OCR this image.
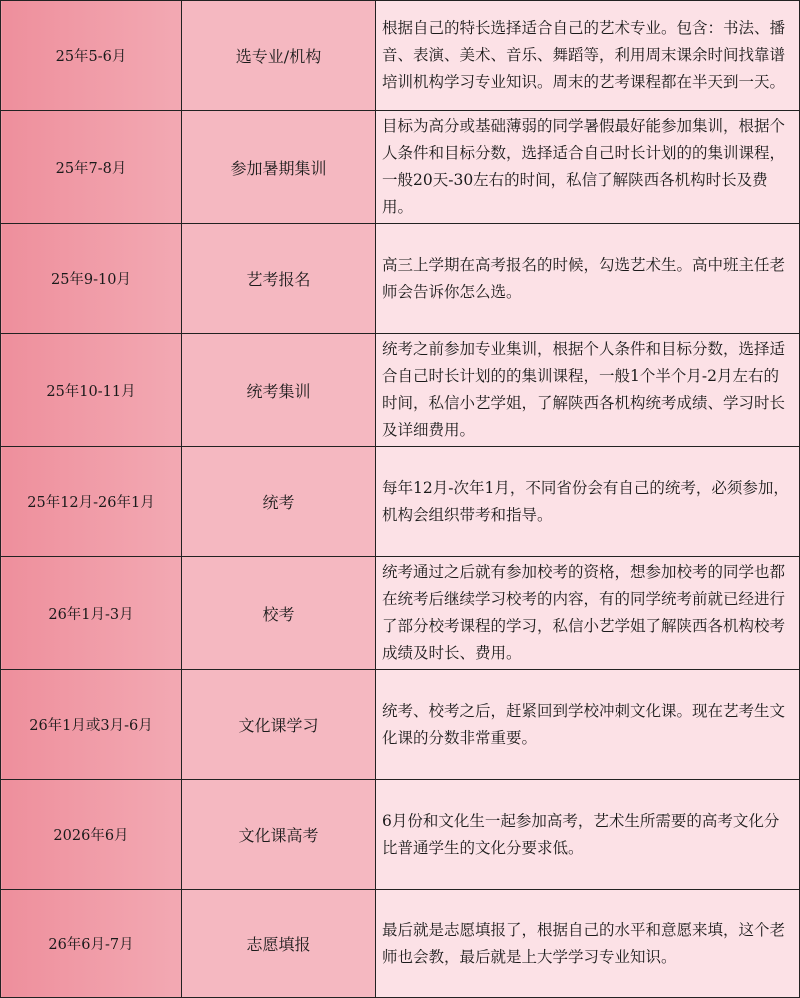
25年5-6月	选专业/机构	根据自己的特长选择适合自己的艺术专业。包含：书法、播音、表演、美术、音乐、舞蹈等，利用周末课余时间找靠谱培训机构学习专业知识。周末的艺考课程都在半天到一天。
25年7-8月	参加暑期集训	目标为高分或基础薄弱的同学暑假最好能参加集训，根据个人条件和目标分数，选择适合自己时长计划的的集训课程，一般20天-30左右的时间，私信了解陕西各机构时长及费用。
25年9-10月	艺考报名	高三上学期在高考报名的时候，勾选艺术生。高中班主任老师会告诉你怎么选。
25年10-11月	统考集训	统考之前参加专业集训，根据个人条件和目标分数，选择适合自己时长计划的的集训课程，一般1个半个月-2月左右的时间，私信小艺学姐，了解陕西各机构统考成绩、学习时长及详细费用。
25年12月-26年1月	统考	每年12月-次年1月，不同省份会有自己的统考，必须参加，机构会组织带考和指导。
26年1月-3月	校考	统考通过之后就有参加校考的资格，想参加校考的同学也都在统考后继续学习校考的内容，有的同学统考前就已经进行了部分校考课程的学习，私信小艺学姐了解陕西各机构校考成绩及时长、费用。
26年1月或3月-6月	文化课学习	统考、校考之后，赶紧回到学校冲刺文化课。现在艺考生文化课的分数非常重要。
2026年6月	文化课高考	6月份和文化生一起参加高考，艺术生所需要的高考文化分比普通学生的文化分要求低。
26年6月-7月	志愿填报	最后就是志愿填报了，根据自己的水平和意愿来填，这个老师也会教，最后就是上大学学习专业知识。
